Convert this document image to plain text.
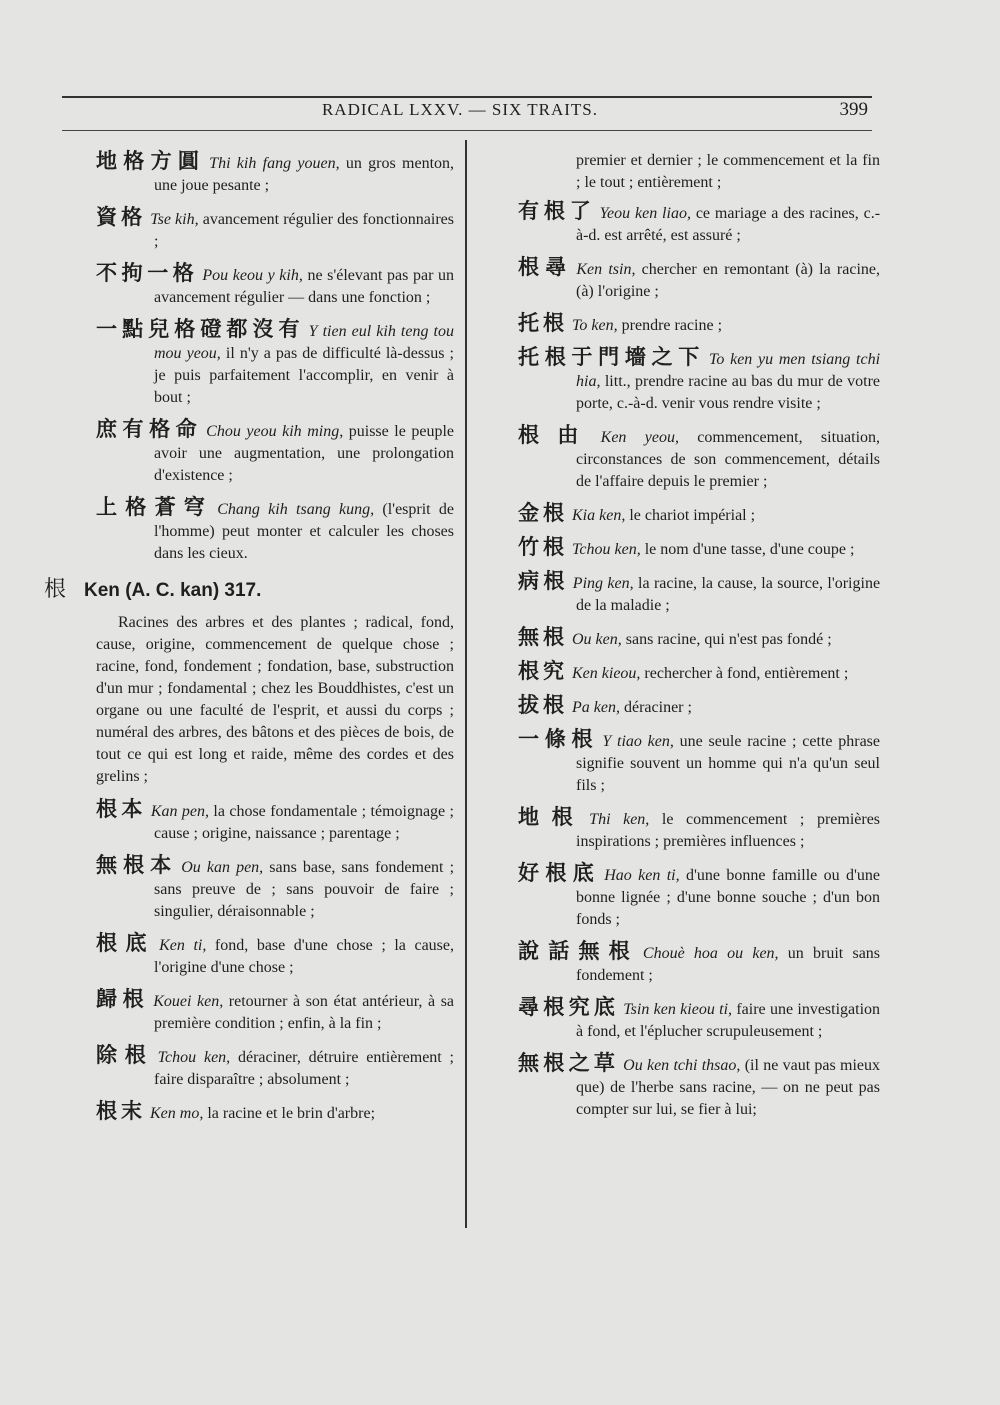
RADICAL LXXV. — SIX TRAITS.	399
地格方圓 Thi kih fang youen, un gros menton, une joue pesante ;
資格 Tse kih, avancement régulier des fonctionnaires ;
不拘一格 Pou keou y kih, ne s'élevant pas par un avancement régulier — dans une fonction ;
一點兒格磴都沒有 Y tien eul kih teng tou mou yeou, il n'y a pas de difficulté là-dessus ; je puis parfaitement l'accomplir, en venir à bout ;
庶有格命 Chou yeou kih ming, puisse le peuple avoir une augmentation, une prolongation d'existence ;
上格蒼穹 Chang kih tsang kung, (l'esprit de l'homme) peut monter et calculer les choses dans les cieux.
根 Ken (A. C. kan) 317.
Racines des arbres et des plantes ; radical, fond, cause, origine, commencement de quelque chose ; racine, fond, fondement ; fondation, base, substruction d'un mur ; fondamental ; chez les Bouddhistes, c'est un organe ou une faculté de l'esprit, et aussi du corps ; numéral des arbres, des bâtons et des pièces de bois, de tout ce qui est long et raide, même des cordes et des grelins ;
根本 Kan pen, la chose fondamentale ; témoignage ; cause ; origine, naissance ; parentage ;
無根本 Ou kan pen, sans base, sans fondement ; sans preuve de ; sans pouvoir de faire ; singulier, déraisonnable ;
根底 Ken ti, fond, base d'une chose ; la cause, l'origine d'une chose ;
歸根 Kouei ken, retourner à son état antérieur, à sa première condition ; enfin, à la fin ;
除根 Tchou ken, déraciner, détruire entièrement ; faire disparaître ; absolument ;
根末 Ken mo, la racine et le brin d'arbre;
premier et dernier ; le commencement et la fin ; le tout ; entièrement ;
有根了 Yeou ken liao, ce mariage a des racines, c.-à-d. est arrêté, est assuré ;
根尋 Ken tsin, chercher en remontant (à) la racine, (à) l'origine ;
托根 To ken, prendre racine ;
托根于門墻之下 To ken yu men tsiang tchi hia, litt., prendre racine au bas du mur de votre porte, c.-à-d. venir vous rendre visite ;
根由 Ken yeou, commencement, situation, circonstances de son commencement, détails de l'affaire depuis le premier ;
金根 Kia ken, le chariot impérial ;
竹根 Tchou ken, le nom d'une tasse, d'une coupe ;
病根 Ping ken, la racine, la cause, la source, l'origine de la maladie ;
無根 Ou ken, sans racine, qui n'est pas fondé ;
根究 Ken kieou, rechercher à fond, entièrement ;
拔根 Pa ken, déraciner ;
一條根 Y tiao ken, une seule racine ; cette phrase signifie souvent un homme qui n'a qu'un seul fils ;
地根 Thi ken, le commencement ; premières inspirations ; premières influences ;
好根底 Hao ken ti, d'une bonne famille ou d'une bonne lignée ; d'une bonne souche ; d'un bon fonds ;
說話無根 Chouè hoa ou ken, un bruit sans fondement ;
尋根究底 Tsin ken kieou ti, faire une investigation à fond, et l'éplucher scrupuleusement ;
無根之草 Ou ken tchi thsao, (il ne vaut pas mieux que) de l'herbe sans racine, — on ne peut pas compter sur lui, se fier à lui;
